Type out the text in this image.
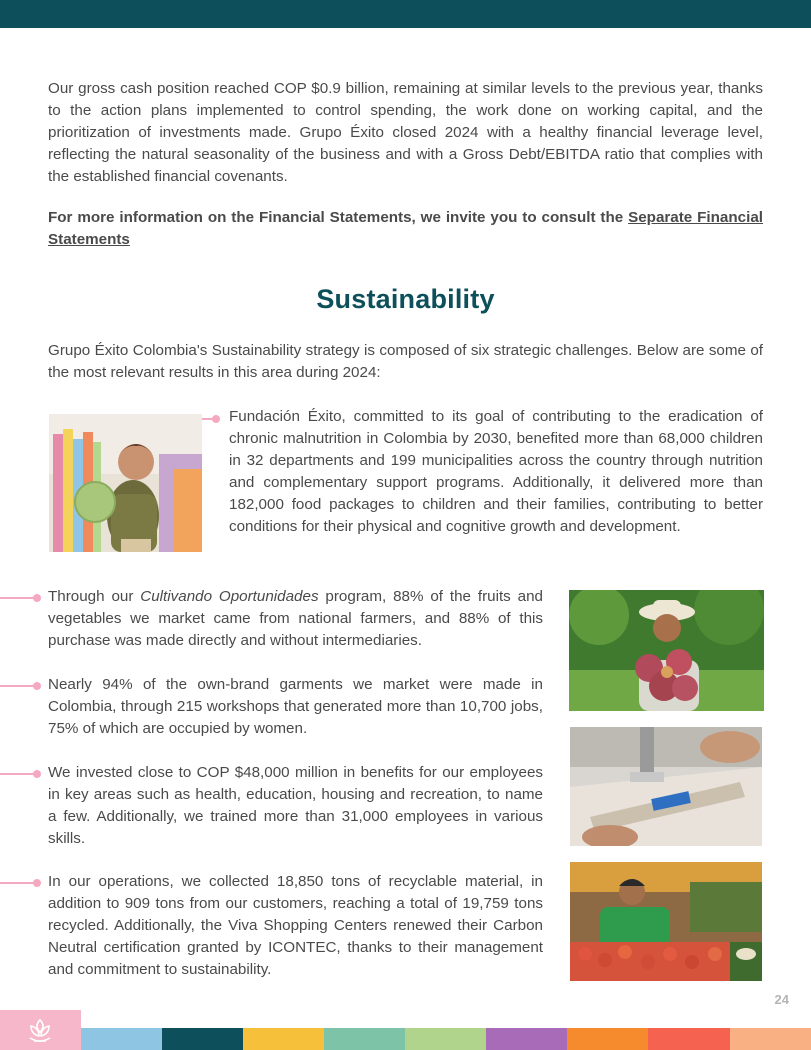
Our gross cash position reached COP $0.9 billion, remaining at similar levels to the previous year, thanks to the action plans implemented to control spending, the work done on working capital, and the prioritization of investments made. Grupo Éxito closed 2024 with a healthy financial leverage level, reflecting the natural seasonality of the business and with a Gross Debt/EBITDA ratio that complies with the established financial covenants.

For more information on the Financial Statements, we invite you to consult the Separate Financial Statements

Sustainability

Grupo Éxito Colombia's Sustainability strategy is composed of six strategic challenges. Below are some of the most relevant results in this area during 2024:

Fundación Éxito, committed to its goal of contributing to the eradication of chronic malnutrition in Colombia by 2030, benefited more than 68,000 children in 32 departments and 199 municipalities across the country through nutrition and complementary support programs. Additionally, it delivered more than 182,000 food packages to children and their families, contributing to better conditions for their physical and cognitive growth and development.

Through our Cultivando Oportunidades program, 88% of the fruits and vegetables we market came from national farmers, and 88% of this purchase was made directly and without intermediaries.

Nearly 94% of the own-brand garments we market were made in Colombia, through 215 workshops that generated more than 10,700 jobs, 75% of which are occupied by women.

We invested close to COP $48,000 million in benefits for our employees in key areas such as health, education, housing and recreation, to name a few. Additionally, we trained more than 31,000 employees in various skills.

In our operations, we collected 18,850 tons of recyclable material, in addition to 909 tons from our customers, reaching a total of 19,759 tons recycled. Additionally, the Viva Shopping Centers renewed their Carbon Neutral certification granted by ICONTEC, thanks to their management and commitment to sustainability.

24
